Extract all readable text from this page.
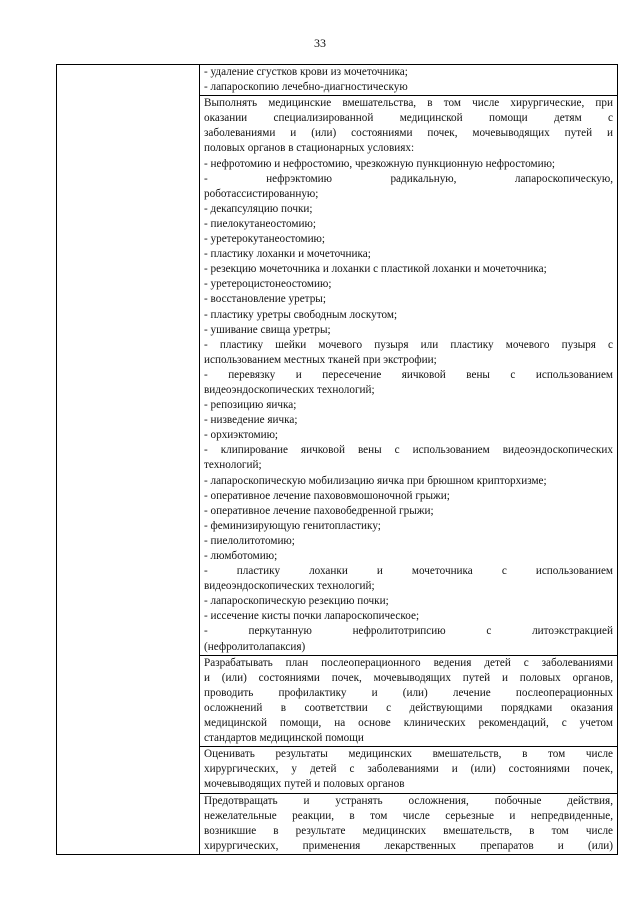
33

- удаление сгустков крови из мочеточника;
- лапароскопию лечебно-диагностическую
Выполнять медицинские вмешательства, в том числе хирургические, при
оказании специализированной медицинской помощи детям с
заболеваниями и (или) состояниями почек, мочевыводящих путей и
половых органов в стационарных условиях:
- нефротомию и нефростомию, чрезкожную пункционную нефростомию;
- нефрэктомию радикальную, лапароскопическую,
роботассистированную;
- декапсуляцию почки;
- пиелокутанеостомию;
- уретерокутанеостомию;
- пластику лоханки и мочеточника;
- резекцию мочеточника и лоханки с пластикой лоханки и мочеточника;
- уретероцистонеостомию;
- восстановление уретры;
- пластику уретры свободным лоскутом;
- ушивание свища уретры;
- пластику шейки мочевого пузыря или пластику мочевого пузыря с
использованием местных тканей при экстрофии;
- перевязку и пересечение яичковой вены с использованием
видеоэндоскопических технологий;
- репозицию яичка;
- низведение яичка;
- орхиэктомию;
- клипирование яичковой вены с использованием видеоэндоскопических
технологий;
- лапароскопическую мобилизацию яичка при брюшном крипторхизме;
- оперативное лечение пахововмошоночной грыжи;
- оперативное лечение паховобедренной грыжи;
- феминизирующую генитопластику;
- пиелолитотомию;
- люмботомию;
- пластику лоханки и мочеточника с использованием
видеоэндоскопических технологий;
- лапароскопическую резекцию почки;
- иссечение кисты почки лапароскопическое;
- перкутанную нефролитотрипсию с литоэкстракцией
(нефролитолапаксия)
Разрабатывать план послеоперационного ведения детей с заболеваниями
и (или) состояниями почек, мочевыводящих путей и половых органов,
проводить профилактику и (или) лечение послеоперационных
осложнений в соответствии с действующими порядками оказания
медицинской помощи, на основе клинических рекомендаций, с учетом
стандартов медицинской помощи
Оценивать результаты медицинских вмешательств, в том числе
хирургических, у детей с заболеваниями и (или) состояниями почек,
мочевыводящих путей и половых органов
Предотвращать и устранять осложнения, побочные действия,
нежелательные реакции, в том числе серьезные и непредвиденные,
возникшие в результате медицинских вмешательств, в том числе
хирургических, применения лекарственных препаратов и (или)
